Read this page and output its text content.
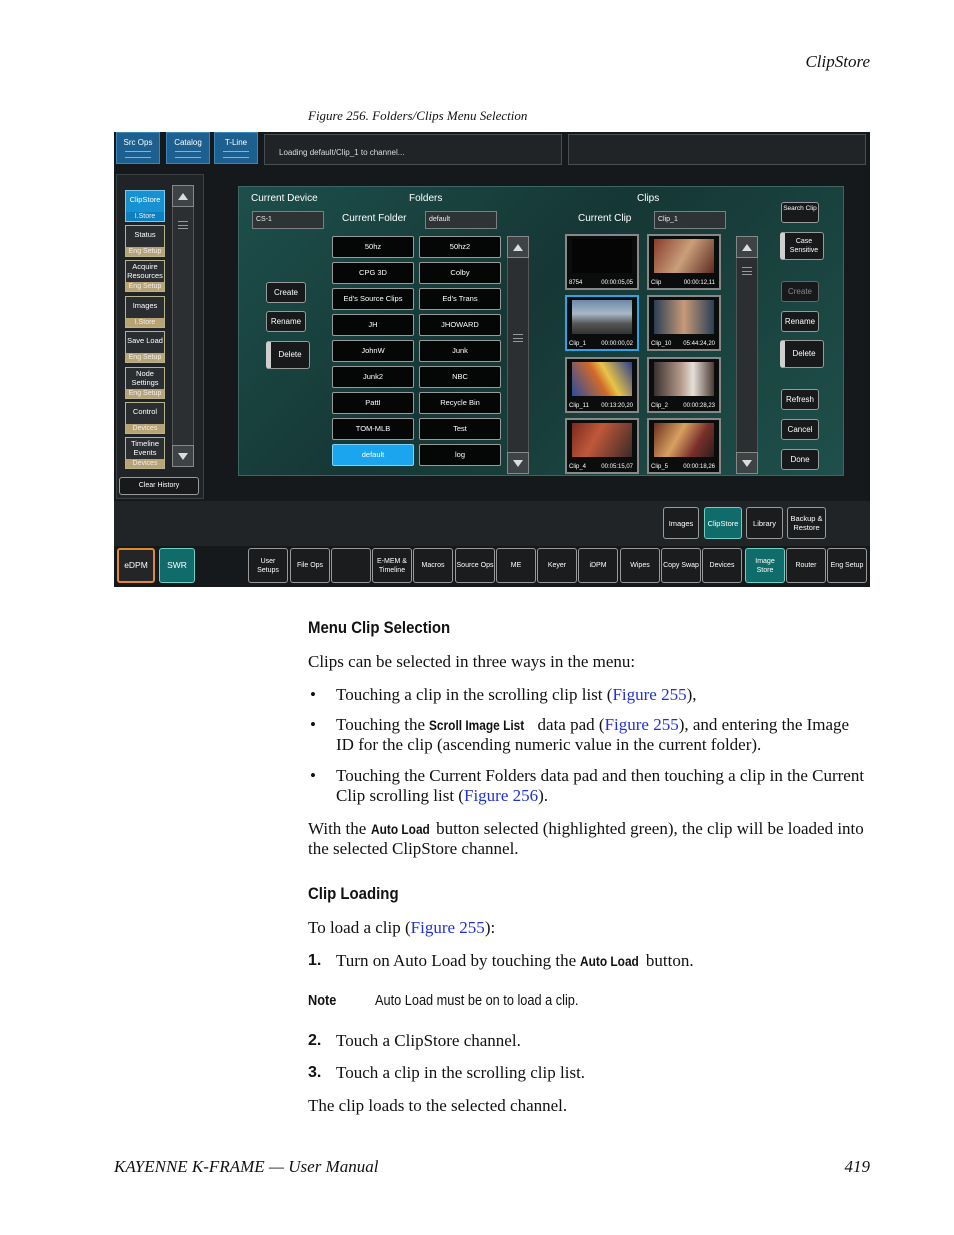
ClipStore
Figure 256. Folders/Clips Menu Selection
Src Ops	Catalog	T-Line
Loading default/Clip_1 to channel...
ClipStore
I.Store
Status
Eng Setup
Acquire Resources
Eng Setup
Images
I.Store
Save Load
Eng Setup
Node Settings
Eng Setup
Control
Devices
Timeline Events
Devices
Clear History
Current Device
CS-1
Folders
Current Folder	default
Clips
Current Clip	Clip_1
Create
Rename
Delete
50hz	50hz2
CPG 3D	Colby
Ed's Source Clips	Ed's Trans
JH	JHOWARD
JohnW	Junk
Junk2	NBC
PattI	Recycle Bin
TOM-MLB	Test
default	log
8754	00:00:05,05	Clip	00:00:12,11
Clip_1	00:00:00,02	Clip_10 05:44:24,20
Clip_11 00:13:20,20	Clip_2	00:00:28,23
Clip_4	00:05:15,07	Clip_5	00:00:18,26
Search Clip
Case Sensitive
Create
Rename
Delete
Refresh
Cancel
Done
Images	ClipStore	Library
Backup & Restore
eDPM	SWR	User Setups
File Ops
E-MEM & Timeline
Macros	Source Ops	ME	Keyer	iDPM	Wipes	Copy Swap	Devices
Image Store
Router	Eng Setup
Menu Clip Selection
Clips can be selected in three ways in the menu:
• Touching a clip in the scrolling clip list (Figure 255),
• Touching the Scroll Image List data pad (Figure 255), and entering the Image ID for the clip (ascending numeric value in the current folder).
• Touching the Current Folders data pad and then touching a clip in the Current Clip scrolling list (Figure 256).
With the Auto Load button selected (highlighted green), the clip will be loaded into the selected ClipStore channel.
Clip Loading
To load a clip (Figure 255):
1. Turn on Auto Load by touching the Auto Load button.
Note	Auto Load must be on to load a clip.
2. Touch a ClipStore channel.
3. Touch a clip in the scrolling clip list.
The clip loads to the selected channel.
KAYENNE K-FRAME — User Manual	419
